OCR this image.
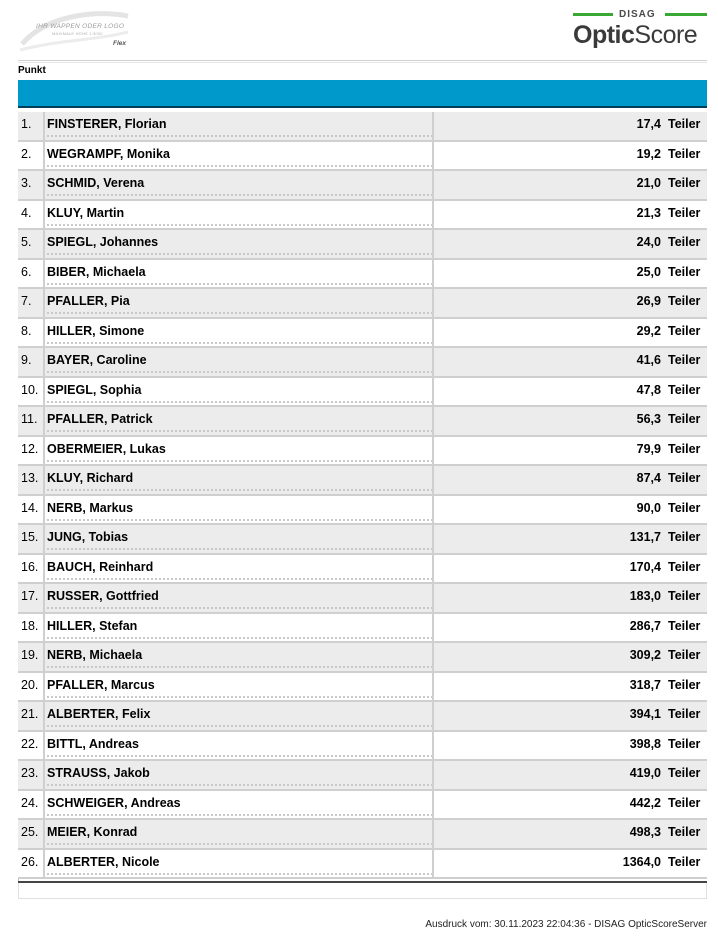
IHR WAPPEN ODER LOGO
MAXIMALE HÖHE 1:3000
Flex
DISAG
OpticScore
Punkt
1. FINSTERER, Florian	17,4 Teiler
2. WEGRAMPF, Monika	19,2 Teiler
3. SCHMID, Verena	21,0 Teiler
4. KLUY, Martin	21,3 Teiler
5. SPIEGL, Johannes	24,0 Teiler
6. BIBER, Michaela	25,0 Teiler
7. PFALLER, Pia	26,9 Teiler
8. HILLER, Simone	29,2 Teiler
9. BAYER, Caroline	41,6 Teiler
10. SPIEGL, Sophia	47,8 Teiler
11. PFALLER, Patrick	56,3 Teiler
12. OBERMEIER, Lukas	79,9 Teiler
13. KLUY, Richard	87,4 Teiler
14. NERB, Markus	90,0 Teiler
15. JUNG, Tobias	131,7 Teiler
16. BAUCH, Reinhard	170,4 Teiler
17. RUSSER, Gottfried	183,0 Teiler
18. HILLER, Stefan	286,7 Teiler
19. NERB, Michaela	309,2 Teiler
20. PFALLER, Marcus	318,7 Teiler
21. ALBERTER, Felix	394,1 Teiler
22. BITTL, Andreas	398,8 Teiler
23. STRAUSS, Jakob	419,0 Teiler
24. SCHWEIGER, Andreas	442,2 Teiler
25. MEIER, Konrad	498,3 Teiler
26. ALBERTER, Nicole	1364,0 Teiler
Ausdruck vom: 30.11.2023 22:04:36 - DISAG OpticScoreServer
